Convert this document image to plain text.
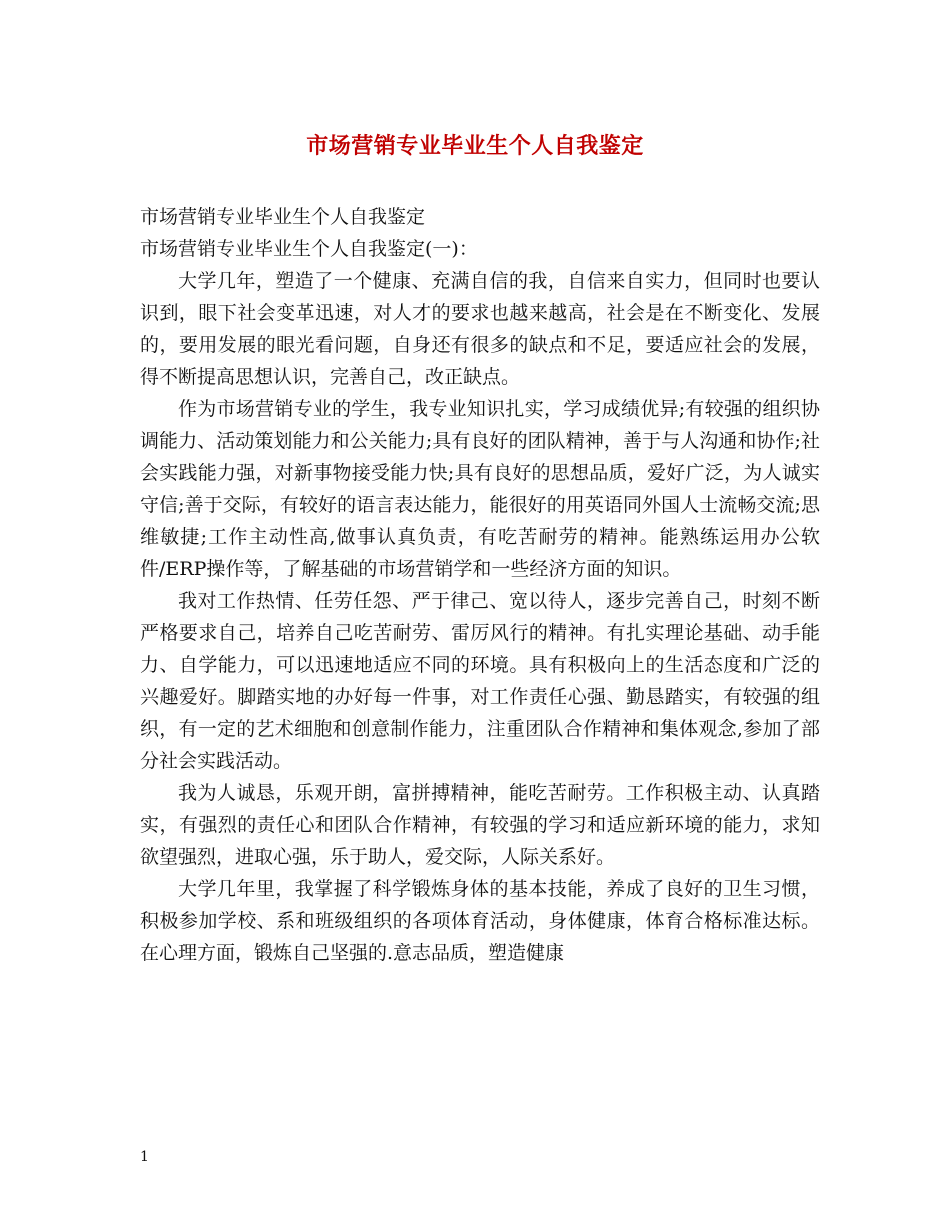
市场营销专业毕业生个人自我鉴定

市场营销专业毕业生个人自我鉴定

市场营销专业毕业生个人自我鉴定(一)：

大学几年，塑造了一个健康、充满自信的我，自信来自实力，但同时也要认识到，眼下社会变革迅速，对人才的要求也越来越高，社会是在不断变化、发展的，要用发展的眼光看问题，自身还有很多的缺点和不足，要适应社会的发展，得不断提高思想认识，完善自己，改正缺点。

作为市场营销专业的学生，我专业知识扎实，学习成绩优异;有较强的组织协调能力、活动策划能力和公关能力;具有良好的团队精神，善于与人沟通和协作;社会实践能力强，对新事物接受能力快;具有良好的思想品质，爱好广泛，为人诚实守信;善于交际，有较好的语言表达能力，能很好的用英语同外国人士流畅交流;思维敏捷;工作主动性高,做事认真负责，有吃苦耐劳的精神。能熟练运用办公软件/ERP操作等，了解基础的市场营销学和一些经济方面的知识。

我对工作热情、任劳任怨、严于律己、宽以待人，逐步完善自己，时刻不断严格要求自己，培养自己吃苦耐劳、雷厉风行的精神。有扎实理论基础、动手能力、自学能力，可以迅速地适应不同的环境。具有积极向上的生活态度和广泛的兴趣爱好。脚踏实地的办好每一件事，对工作责任心强、勤恳踏实，有较强的组织，有一定的艺术细胞和创意制作能力，注重团队合作精神和集体观念,参加了部分社会实践活动。

我为人诚恳，乐观开朗，富拼搏精神，能吃苦耐劳。工作积极主动、认真踏实，有强烈的责任心和团队合作精神，有较强的学习和适应新环境的能力，求知欲望强烈，进取心强，乐于助人，爱交际，人际关系好。

大学几年里，我掌握了科学锻炼身体的基本技能，养成了良好的卫生习惯，积极参加学校、系和班级组织的各项体育活动，身体健康，体育合格标准达标。在心理方面，锻炼自己坚强的.意志品质，塑造健康

1
